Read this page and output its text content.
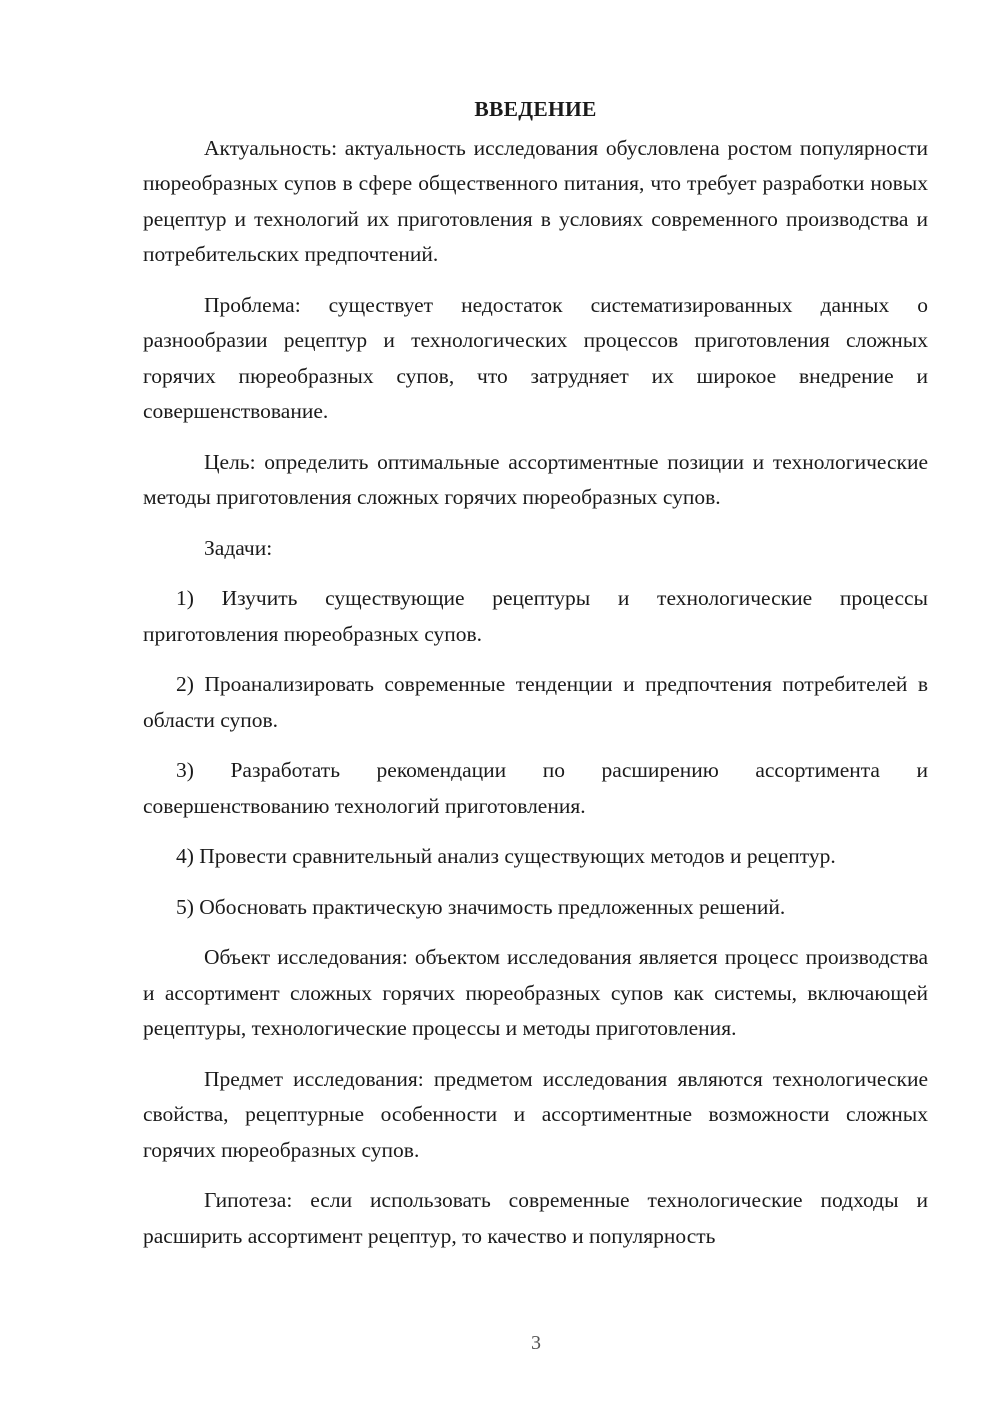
ВВЕДЕНИЕ

Актуальность: актуальность исследования обусловлена ростом популярности пюреобразных супов в сфере общественного питания, что требует разработки новых рецептур и технологий их приготовления в условиях современного производства и потребительских предпочтений.

Проблема: существует недостаток систематизированных данных о разнообразии рецептур и технологических процессов приготовления сложных горячих пюреобразных супов, что затрудняет их широкое внедрение и совершенствование.

Цель: определить оптимальные ассортиментные позиции и технологические методы приготовления сложных горячих пюреобразных супов.

Задачи:

1) Изучить существующие рецептуры и технологические процессы приготовления пюреобразных супов.

2) Проанализировать современные тенденции и предпочтения потребителей в области супов.

3) Разработать рекомендации по расширению ассортимента и совершенствованию технологий приготовления.

4) Провести сравнительный анализ существующих методов и рецептур.

5) Обосновать практическую значимость предложенных решений.

Объект исследования: объектом исследования является процесс производства и ассортимент сложных горячих пюреобразных супов как системы, включающей рецептуры, технологические процессы и методы приготовления.

Предмет исследования: предметом исследования являются технологические свойства, рецептурные особенности и ассортиментные возможности сложных горячих пюреобразных супов.

Гипотеза: если использовать современные технологические подходы и расширить ассортимент рецептур, то качество и популярность

3
